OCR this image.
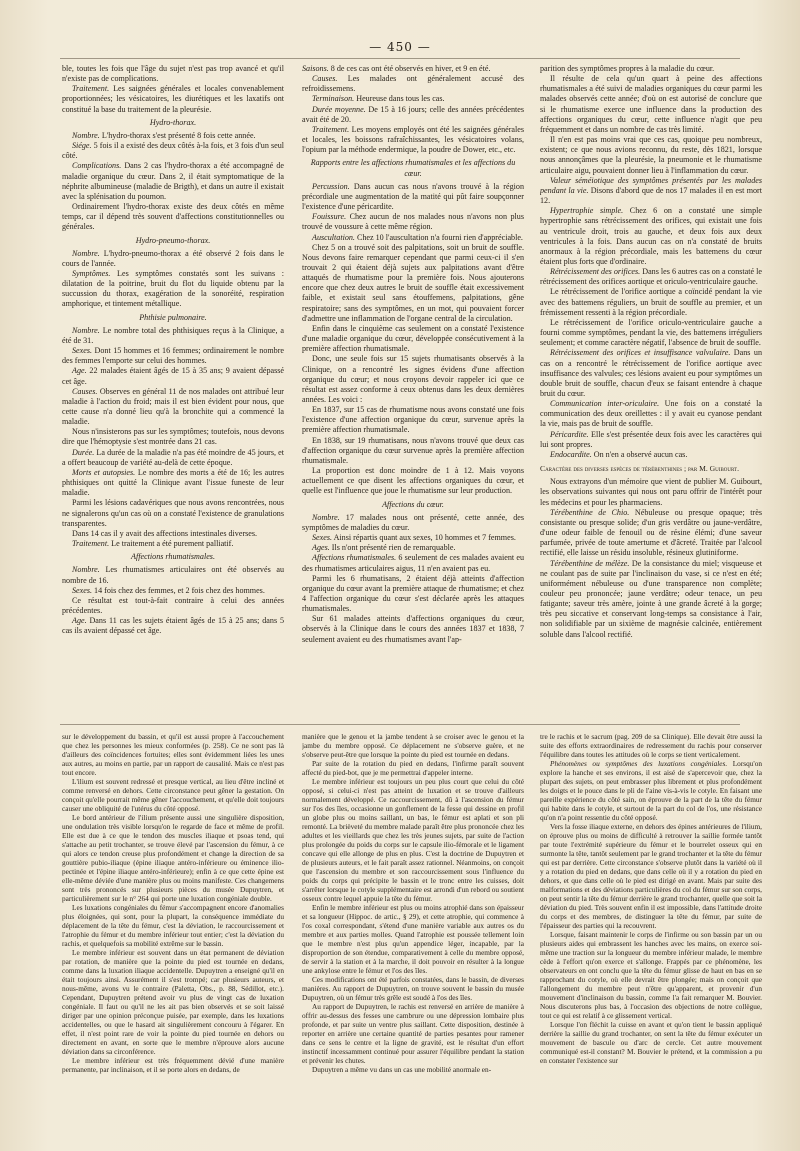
— 450 —

ble, toutes les fois que l'âge du sujet n'est pas trop avancé et qu'il n'existe pas de complications.

Traitement. Les saignées générales et locales convenablement proportionnées; les vésicatoires, les diurétiques et les laxatifs ont constitué la base du traitement de la pleurésie.

Hydro-thorax.

Nombre. L'hydro-thorax s'est présenté 8 fois cette année.

Siége. 5 fois il a existé des deux côtés à-la fois, et 3 fois d'un seul côté.

Complications. Dans 2 cas l'hydro-thorax a été accompagné de maladie organique du cœur. Dans 2, il était symptomatique de la néphrite albumineuse (maladie de Brigth), et dans un autre il existait avec la splénisation du poumon.

Ordinairement l'hydro-thorax existe des deux côtés en même temps, car il dépend très souvent d'affections constitutionnelles ou générales.

Hydro-pneumo-thorax.

Nombre. L'hydro-pneumo-thorax a été observé 2 fois dans le cours de l'année.

Symptômes. Les symptômes constatés sont les suivans : dilatation de la poitrine, bruit du flot du liquide obtenu par la succussion du thorax, exagération de la sonoréité, respiration amphorique, et tintement métallique.

Phthisie pulmonaire.

Nombre. Le nombre total des phthisiques reçus à la Clinique, a été de 31.

Sexes. Dont 15 hommes et 16 femmes; ordinairement le nombre des femmes l'emporte sur celui des hommes.

Age. 22 malades étaient âgés de 15 à 35 ans; 9 avaient dépassé cet âge.

Causes. Observes en général 11 de nos malades ont attribué leur maladie à l'action du froid; mais il est bien évident pour nous, que cette cause n'a donné lieu qu'à la bronchite qui a commencé la maladie.

Nous n'insisterons pas sur les symptômes; toutefois, nous devons dire que l'hémoptysie s'est montrée dans 21 cas.

Durée. La durée de la maladie n'a pas été moindre de 45 jours, et a offert beaucoup de variété au-delà de cette époque.

Morts et autopsies. Le nombre des morts a été de 16; les autres phthisiques ont quitté la Clinique avant l'issue funeste de leur maladie.

Parmi les lésions cadavériques que nous avons rencontrées, nous ne signalerons qu'un cas où on a constaté l'existence de granulations transparentes.

Dans 14 cas il y avait des affections intestinales diverses.

Traitement. Le traitement a été purement palliatif.

Affections rhumatismales.

Nombre. Les rhumatismes articulaires ont été observés au nombre de 16.

Sexes. 14 fois chez des femmes, et 2 fois chez des hommes.

Ce résultat est tout-à-fait contraire à celui des années précédentes.

Age. Dans 11 cas les sujets étaient âgés de 15 à 25 ans; dans 5 cas ils avaient dépassé cet âge.

Saisons. 8 de ces cas ont été observés en hiver, et 9 en été.

Causes. Les malades ont généralement accusé des refroidissemens.

Terminaison. Heureuse dans tous les cas.

Durée moyenne. De 15 à 16 jours; celle des années précédentes avait été de 20.

Traitement. Les moyens employés ont été les saignées générales et locales, les boissons rafraîchissantes, les vésicatoires volans, l'opium par la méthode endermique, la poudre de Dower, etc., etc.

Rapports entre les affections rhumatismales et les affections du cœur.

Percussion. Dans aucun cas nous n'avons trouvé à la région précordiale une augmentation de la matité qui pût faire soupçonner l'existence d'une péricardite.

Fouissure. Chez aucun de nos malades nous n'avons non plus trouvé de voussure à cette même région.

Auscultation. Chez 10 l'auscultation n'a fourni rien d'appréciable.

Chez 5 on a trouvé soit des palpitations, soit un bruit de souffle. Nous devons faire remarquer cependant que parmi ceux-ci il s'en trouvait 2 qui étaient déjà sujets aux palpitations avant d'être attaqués de rhumatisme pour la première fois. Nous ajouterons encore que chez deux autres le bruit de souffle était excessivement faible, et existait seul sans étouffemens, palpitations, gêne respiratoire; sans des symptômes, en un mot, qui pouvaient forcer d'admettre une inflammation de l'organe central de la circulation.

Enfin dans le cinquième cas seulement on a constaté l'existence d'une maladie organique du cœur, développée consécutivement à la première affection rhumatismale.

Donc, une seule fois sur 15 sujets rhumatisants observés à la Clinique, on a rencontré les signes évidens d'une affection organique du cœur; et nous croyons devoir rappeler ici que ce résultat est assez conforme à ceux obtenus dans les deux dernières années. Les voici :

En 1837, sur 15 cas de rhumatisme nous avons constaté une fois l'existence d'une affection organique du cœur, survenue après la première affection rhumatismale.

En 1838, sur 19 rhumatisans, nous n'avons trouvé que deux cas d'affection organique du cœur survenue après la première affection rhumatismale.

La proportion est donc moindre de 1 à 12. Mais voyons actuellement ce que disent les affections organiques du cœur, et quelle est l'influence que joue le rhumatisme sur leur production.

Affections du cœur.

Nombre. 17 malades nous ont présenté, cette année, des symptômes de maladies du cœur.

Sexes. Ainsi répartis quant aux sexes, 10 hommes et 7 femmes.

Ages. Ils n'ont présenté rien de remarquable.

Affections rhumatismales. 6 seulement de ces malades avaient eu des rhumatismes articulaires aigus, 11 n'en avaient pas eu.

Parmi les 6 rhumatisans, 2 étaient déjà atteints d'affection organique du cœur avant la première attaque de rhumatisme; et chez 4 l'affection organique du cœur s'est déclarée après les attaques rhumatismales.

Sur 61 malades atteints d'affections organiques du cœur, observés à la Clinique dans le cours des années 1837 et 1838, 7 seulement avaient eu des rhumatismes avant l'ap-

parition des symptômes propres à la maladie du cœur.

Il résulte de cela qu'un quart à peine des affections rhumatismales a été suivi de maladies organiques du cœur parmi les malades observés cette année; d'où on est autorisé de conclure que si le rhumatisme exerce une influence dans la production des affections organiques du cœur, cette influence n'agit que peu fréquemment et dans un nombre de cas très limité.

Il n'en est pas moins vrai que ces cas, quoique peu nombreux, existent; ce que nous avions reconnu, du reste, dès 1821, lorsque nous annonçâmes que la pleurésie, la pneumonie et le rhumatisme articulaire aigu, pouvaient donner lieu à l'inflammation du cœur.

Valeur séméiotique des symptômes présentés par les malades pendant la vie. Disons d'abord que de nos 17 malades il en est mort 12.

Hypertrophie simple. Chez 6 on a constaté une simple hypertrophie sans rétrécissement des orifices, qui existait une fois au ventricule droit, trois au gauche, et deux fois aux deux ventricules à la fois. Dans aucun cas on n'a constaté de bruits anormaux à la région précordiale, mais les battemens du cœur étaient plus forts que d'ordinaire.

Rétrécissement des orifices. Dans les 6 autres cas on a constaté le rétrécissement des orifices aortique et oriculo-ventriculaire gauche.

Le rétrécissement de l'orifice aortique a coïncidé pendant la vie avec des battemens réguliers, un bruit de souffle au premier, et un frémissement ressenti à la région précordiale.

Le rétrécissement de l'orifice oriculo-ventriculaire gauche a fourni comme symptômes, pendant la vie, des battemens irréguliers seulement; et comme caractère négatif, l'absence de bruit de souffle.

Rétrécissement des orifices et insuffisance valvulaire. Dans un cas on a rencontré le rétrécissement de l'orifice aortique avec insuffisance des valvules; ces lésions avaient eu pour symptômes un double bruit de souffle, chacun d'eux se faisant entendre à chaque bruit du cœur.

Communication inter-oriculaire. Une fois on a constaté la communication des deux oreillettes : il y avait eu cyanose pendant la vie, mais pas de bruit de souffle.

Péricardite. Elle s'est présentée deux fois avec les caractères qui lui sont propres.

Endocardite. On n'en a observé aucun cas.

Caractère des diverses espèces de térébenthines ; par M. Guibourt.

Nous extrayons d'un mémoire que vient de publier M. Guibourt, les observations suivantes qui nous ont paru offrir de l'intérêt pour les médecins et pour les pharmaciens.

Térébenthine de Chio. Nébuleuse ou presque opaque; très consistante ou presque solide; d'un gris verdâtre ou jaune-verdâtre, d'une odeur faible de fenouil ou de résine élémi; d'une saveur parfumée, privée de toute amertume et d'âcreté. Traitée par l'alcool rectifié, elle laisse un résidu insoluble, résineux glutiniforme.

Térébenthine de mélèze. De la consistance du miel; visqueuse et ne coulant pas de suite par l'inclinaison du vase, si ce n'est en été; uniformément nébuleuse ou d'une transparence non complète; couleur peu prononcée; jaune verdâtre; odeur tenace, un peu fatigante; saveur très amère, jointe à une grande âcreté à la gorge; très peu siccative et conservant long-temps sa consistance à l'air, non solidifiable par un sixième de magnésie calcinée, entièrement soluble dans l'alcool rectifié.

sur le développement du bassin, et qu'il est aussi propre à l'accouchement que chez les personnes les mieux conformées (p. 258). Ce ne sont pas là d'ailleurs des coïncidences fortuites; elles sont évidemment liées les unes aux autres, au moins en partie, par un rapport de causalité. Mais ce n'est pas tout encore.

L'ilium est souvent redressé et presque vertical, au lieu d'être incliné et comme renversé en dehors. Cette circonstance peut gêner la gestation. On conçoit qu'elle pourrait même gêner l'accouchement, et qu'elle doit toujours causer une obliquité de l'utérus du côté opposé.

Le bord antérieur de l'ilium présente aussi une singulière disposition, une ondulation très visible lorsqu'on le regarde de face et même de profil. Elle est due à ce que le tendon des muscles iliaque et psoas tend, qui s'attache au petit trochanter, se trouve élevé par l'ascension du fémur, à ce qui alors ce tendon creuse plus profondément et change la direction de sa gouttière pubio-iliaque (épine iliaque antéro-inférieure ou éminence ilio-pectinée et l'épine iliaque antéro-inférieure); enfin à ce que cette épine est elle-même déviée d'une manière plus ou moins manifeste. Ces changemens sont très prononcés sur plusieurs pièces du musée Dupuytren, et particulièrement sur le n° 264 qui porte une luxation congéniale double.

Les luxations congéniales du fémur s'accompagnent encore d'anomalies plus éloignées, qui sont, pour la plupart, la conséquence immédiate du déplacement de la tête du fémur, c'est la déviation, le raccourcissement et l'atrophie du fémur et du membre inférieur tout entier; c'est la déviation du rachis, et quelquefois sa mobilité extrême sur le bassin.

Le membre inférieur est souvent dans un état permanent de déviation par rotation, de manière que la pointe du pied est tournée en dedans, comme dans la luxation iliaque accidentelle. Dupuytren a enseigné qu'il en était toujours ainsi. Assurément il s'est trompé; car plusieurs auteurs, et nous-même, avons vu le contraire (Paletta, Obs., p. 88, Sédillot, etc.). Cependant, Dupuytren prétend avoir vu plus de vingt cas de luxation congéniale. Il faut ou qu'il ne les ait pas bien observés et se soit laissé diriger par une opinion préconçue puisée, par exemple, dans les luxations accidentelles, ou que le hasard ait singulièrement concouru à l'égarer. En effet, il n'est point rare de voir la pointe du pied tournée en dehors ou directement en avant, en sorte que le membre n'éprouve alors aucune déviation dans sa circonférence.

Le membre inférieur est très fréquemment dévié d'une manière permanente, par inclinaison, et il se porte alors en dedans, de

manière que le genou et la jambe tendent à se croiser avec le genou et la jambe du membre opposé. Ce déplacement ne s'observe guère, et ne s'observe peut-être que lorsque la pointe du pied est tournée en dedans.

Par suite de la rotation du pied en dedans, l'infirme paraît souvent affecté du pied-bot, que je me permettrai d'appeler interne.

Le membre inférieur est toujours un peu plus court que celui du côté opposé, si celui-ci n'est pas atteint de luxation et se trouve d'ailleurs normalement développé. Ce raccourcissement, dû à l'ascension du fémur sur l'os des îles, occasionne un gonflement de la fesse qui dessine en profil un globe plus ou moins saillant, un bas, le fémur est aplati et son pli remonté. La brièveté du membre malade paraît être plus prononcée chez les adultes et les vieillards que chez les très jeunes sujets, par suite de l'action plus prolongée du poids du corps sur le capsule ilio-fémorale et le ligament concave qui elle allonge de plus en plus. C'est la doctrine de Dupuytren et de plusieurs auteurs, et le fait paraît assez rationnel. Néanmoins, on conçoit que l'ascension du membre et son raccourcissement sous l'influence du poids du corps qui précipite le bassin et le tronc entre les cuisses, doit s'arrêter lorsque le cotyle supplémentaire est arrondi d'un rebord ou soutient osseux contre lequel appuie la tête du fémur.

Enfin le membre inférieur est plus ou moins atrophié dans son épaisseur et sa longueur (Hippoc. de artic., § 29), et cette atrophie, qui commence à l'os coxal correspondant, s'étend d'une manière variable aux autres os du membre et aux parties molles. Quand l'atrophie est poussée tellement loin que le membre n'est plus qu'un appendice léger, incapable, par la disproportion de son étendue, comparativement à celle du membre opposé, de servir à la station et à la marche, il doit pouvoir en résulter à la longue une ankylose entre le fémur et l'os des îles.

Ces modifications ont été parfois constatées, dans le bassin, de diverses manières. Au rapport de Dupuytren, on trouve souvent le bassin du musée Dupuytren, où un fémur très grêle est soudé à l'os des îles.

Au rapport de Dupuytren, le rachis est renversé en arrière de manière à offrir au-dessus des fesses une cambrure ou une dépression lombaire plus profonde, et par suite un ventre plus saillant. Cette disposition, destinée à reporter en arrière une certaine quantité de parties pesantes pour ramener dans ce sens le centre et la ligne de gravité, est le résultat d'un effort instinctif incessamment continué pour assurer l'équilibre pendant la station et prévenir les chutes.

Dupuytren a même vu dans un cas une mobilité anormale en-

tre le rachis et le sacrum (pag. 209 de sa Clinique). Elle devait être aussi la suite des efforts extraordinaires de redressement du rachis pour conserver l'équilibre dans toutes les attitudes où le corps se tient verticalement.

Phénomènes ou symptômes des luxations congéniales. Lorsqu'on explore la hanche et ses environs, il est aisé de s'apercevoir que, chez la plupart des sujets, on peut embrasser plus librement et plus profondément les doigts et le pouce dans le pli de l'aine vis-à-vis le cotyle. En faisant une pareille expérience du côté sain, on éprouve de la part de la tête du fémur qui habite dans le cotyle, et surtout de la part du col de l'os, une résistance qu'on n'a point ressentie du côté opposé.

Vers la fosse iliaque externe, en dehors des épines antérieures de l'ilium, on éprouve plus ou moins de difficulté à retrouver la saillie formée tantôt par toute l'extrémité supérieure du fémur et le bourrelet osseux qui en surmonte la tête, tantôt seulement par le grand trochanter et la tête du fémur qui est par derrière. Cette circonstance s'observe plutôt dans la variété où il y a rotation du pied en dedans, que dans celle où il y a rotation du pied en dehors, et que dans celle où le pied est dirigé en avant. Mais par suite des malformations et des déviations particulières du col du fémur sur son corps, on peut sentir la tête du fémur derrière le grand trochanter, quelle que soit la déviation du pied. Très souvent enfin il est impossible, dans l'attitude droite du corps et des membres, de distinguer la tête du fémur, par suite de l'épaisseur des parties qui la recouvrent.

Lorsque, faisant maintenir le corps de l'infirme ou son bassin par un ou plusieurs aides qui embrassent les hanches avec les mains, on exerce soi-même une traction sur la longueur du membre inférieur malade, le membre cède à l'effort qu'on exerce et s'allonge. Frappés par ce phénomène, les observateurs en ont conclu que la tête du fémur glisse de haut en bas en se rapprochant du cotyle, où elle devrait être plongée; mais on conçoit que l'allongement du membre peut n'être qu'apparent, et provenir d'un mouvement d'inclinaison du bassin, comme l'a fait remarquer M. Bouvier. Nous discuterons plus bas, à l'occasion des objections de notre collègue, tout ce qui est relatif à ce glissement vertical.

Lorsque l'on fléchit la cuisse en avant et qu'on tient le bassin appliqué derrière la saillie du grand trochanter, on sent la tête du fémur exécuter un mouvement de bascule ou d'arc de cercle. Cet autre mouvement communiqué est-il constant? M. Bouvier le prétend, et la commission a pu en constater l'existence sur
